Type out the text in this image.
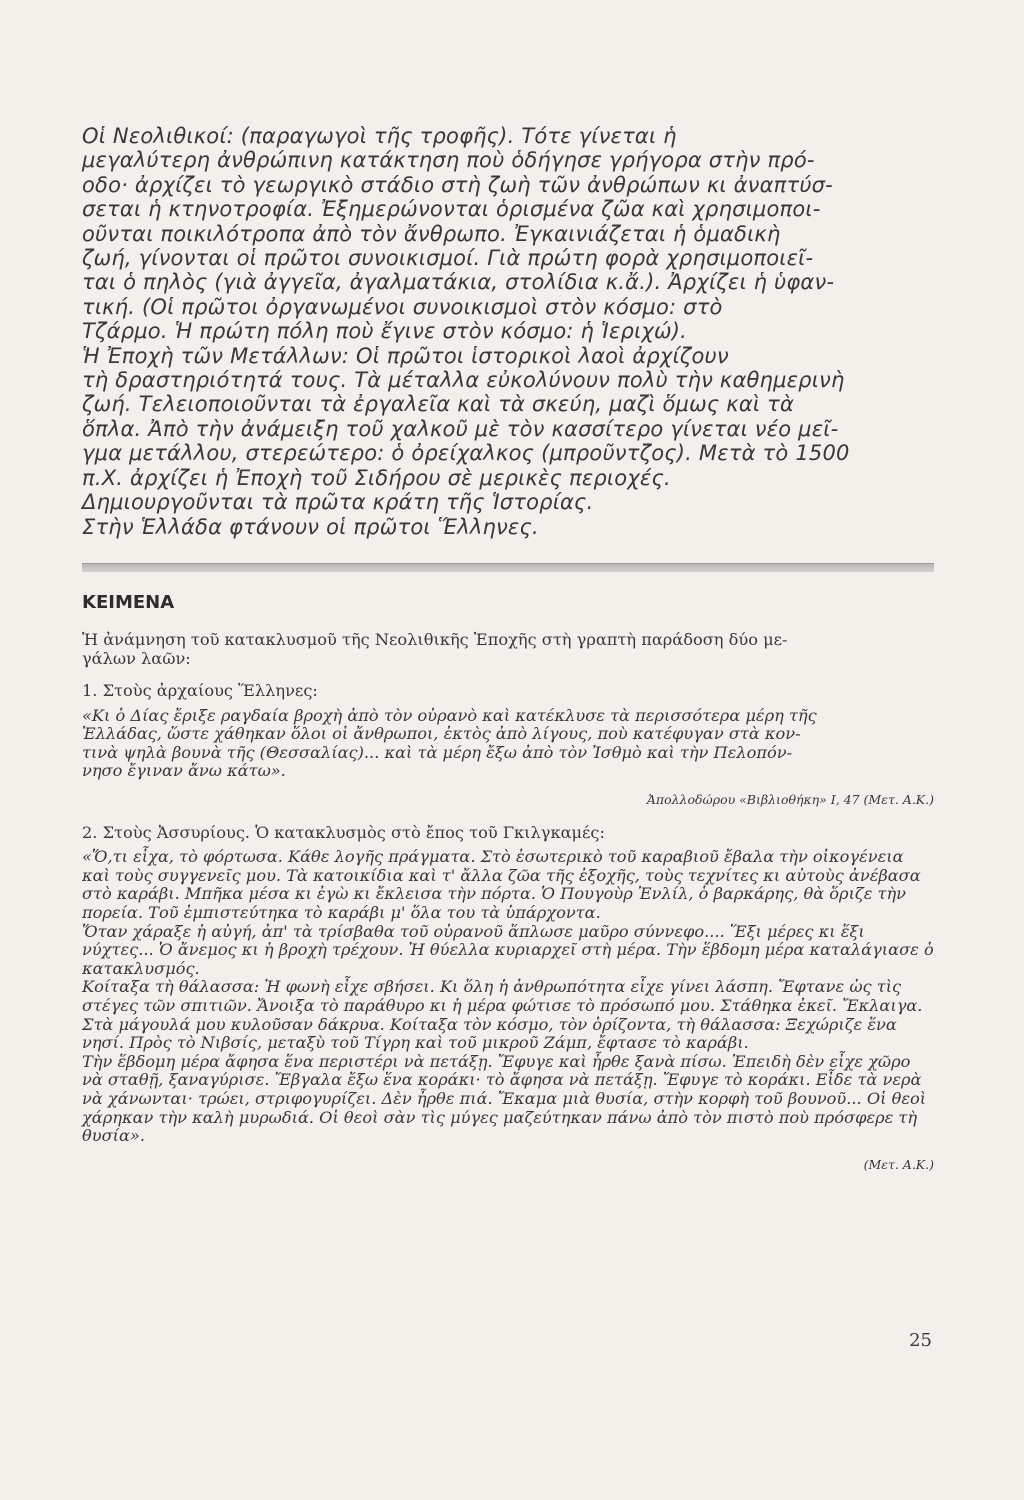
Οἱ Νεολιθικοί: (παραγωγοὶ τῆς τροφῆς). Τότε γίνεται ἡ

μεγαλύτερη ἀνθρώπινη κατάκτηση ποὺ ὁδήγησε γρήγορα στὴν πρό-

οδο· ἀρχίζει τὸ γεωργικὸ στάδιο στὴ ζωὴ τῶν ἀνθρώπων κι ἀναπτύσ-

σεται ἡ κτηνοτροφία. Ἐξημερώνονται ὁρισμένα ζῶα καὶ χρησιμοποι-

οῦνται ποικιλότροπα ἀπὸ τὸν ἄνθρωπο. Ἐγκαινιάζεται ἡ ὁμαδικὴ

ζωή, γίνονται οἱ πρῶτοι συνοικισμοί. Γιὰ πρώτη φορὰ χρησιμοποιεῖ-

ται ὁ πηλὸς (γιὰ ἀγγεῖα, ἀγαλματάκια, στολίδια κ.ἄ.). Ἀρχίζει ἡ ὑφαν-

τική. (Οἱ πρῶτοι ὀργανωμένοι συνοικισμοὶ στὸν κόσμο: στὸ

Τζάρμο. Ἡ πρώτη πόλη ποὺ ἔγινε στὸν κόσμο: ἡ Ἱεριχώ).

Ἡ Ἐποχὴ τῶν Μετάλλων: Οἱ πρῶτοι ἱστορικοὶ λαοὶ ἀρχίζουν

τὴ δραστηριότητά τους. Τὰ μέταλλα εὐκολύνουν πολὺ τὴν καθημερινὴ

ζωή. Τελειοποιοῦνται τὰ ἐργαλεῖα καὶ τὰ σκεύη, μαζὶ ὅμως καὶ τὰ

ὅπλα. Ἀπὸ τὴν ἀνάμειξη τοῦ χαλκοῦ μὲ τὸν κασσίτερο γίνεται νέο μεῖ-

γμα μετάλλου, στερεώτερο: ὁ ὀρείχαλκος (μπροῦντζος). Μετὰ τὸ 1500

π.Χ. ἀρχίζει ἡ Ἐποχὴ τοῦ Σιδήρου σὲ μερικὲς περιοχές.

Δημιουργοῦνται τὰ πρῶτα κράτη τῆς Ἱστορίας.

Στὴν Ἑλλάδα φτάνουν οἱ πρῶτοι Ἕλληνες.

ΚΕΙΜΕΝΑ

Ἡ ἀνάμνηση τοῦ κατακλυσμοῦ τῆς Νεολιθικῆς Ἐποχῆς στὴ γραπτὴ παράδοση δύο με-

γάλων λαῶν:

1. Στοὺς ἀρχαίους Ἕλληνες:

«Κι ὁ Δίας ἔριξε ραγδαία βροχὴ ἀπὸ τὸν οὐρανὸ καὶ κατέκλυσε τὰ περισσότερα μέρη τῆς

Ἑλλάδας, ὥστε χάθηκαν ὅλοι οἱ ἄνθρωποι, ἐκτὸς ἀπὸ λίγους, ποὺ κατέφυγαν στὰ κον-

τινὰ ψηλὰ βουνὰ τῆς (Θεσσαλίας)... καὶ τὰ μέρη ἔξω ἀπὸ τὸν Ἰσθμὸ καὶ τὴν Πελοπόν-

νησο ἔγιναν ἄνω κάτω».

Ἀπολλοδώρου «Βιβλιοθήκη» Ι, 47 (Μετ. Α.Κ.)

2. Στοὺς Ἀσσυρίους. Ὁ κατακλυσμὸς στὸ ἔπος τοῦ Γκιλγκαμές:

«Ὅ,τι εἶχα, τὸ φόρτωσα. Κάθε λογῆς πράγματα. Στὸ ἐσωτερικὸ τοῦ καραβιοῦ ἔβαλα τὴν οἰκογένεια καὶ τοὺς συγγενεῖς μου. Τὰ κατοικίδια καὶ τ' ἄλλα ζῶα τῆς ἐξοχῆς, τοὺς τεχνίτες κι αὐτοὺς ἀνέβασα στὸ καράβι. Μπῆκα μέσα κι ἐγὼ κι ἔκλεισα τὴν πόρτα. Ὁ Πουγοὺρ Ἐνλίλ, ὁ βαρκάρης, θὰ ὅριζε τὴν πορεία. Τοῦ ἐμπιστεύτηκα τὸ καράβι μ' ὅλα του τὰ ὑπάρχοντα.

Ὅταν χάραξε ἡ αὐγή, ἀπ' τὰ τρίσβαθα τοῦ οὐρανοῦ ἅπλωσε μαῦρο σύννεφο.... Ἕξι μέρες κι ἕξι νύχτες... Ὁ ἄνεμος κι ἡ βροχὴ τρέχουν. Ἡ θύελλα κυριαρχεῖ στὴ μέρα. Τὴν ἕβδομη μέρα καταλάγιασε ὁ κατακλυσμός.

Κοίταξα τὴ θάλασσα: Ἡ φωνὴ εἶχε σβήσει. Κι ὅλη ἡ ἀνθρωπότητα εἶχε γίνει λάσπη. Ἔφτανε ὡς τὶς στέγες τῶν σπιτιῶν. Ἄνοιξα τὸ παράθυρο κι ἡ μέρα φώτισε τὸ πρόσωπό μου. Στάθηκα ἐκεῖ. Ἔκλαιγα. Στὰ μάγουλά μου κυλοῦσαν δάκρυα. Κοίταξα τὸν κόσμο, τὸν ὁρίζοντα, τὴ θάλασσα: Ξεχώριζε ἕνα νησί. Πρὸς τὸ Νιβσίς, μεταξὺ τοῦ Τίγρη καὶ τοῦ μικροῦ Ζάμπ, ἔφτασε τὸ καράβι.

Τὴν ἕβδομη μέρα ἄφησα ἕνα περιστέρι νὰ πετάξῃ. Ἔφυγε καὶ ἦρθε ξανὰ πίσω. Ἐπειδὴ δὲν εἶχε χῶρο νὰ σταθῇ, ξαναγύρισε. Ἔβγαλα ἔξω ἕνα κοράκι· τὸ ἄφησα νὰ πετάξῃ. Ἔφυγε τὸ κοράκι. Εἶδε τὰ νερὰ νὰ χάνωνται· τρώει, στριφογυρίζει. Δὲν ἦρθε πιά. Ἔκαμα μιὰ θυσία, στὴν κορφὴ τοῦ βουνοῦ... Οἱ θεοὶ χάρηκαν τὴν καλὴ μυρωδιά. Οἱ θεοὶ σὰν τὶς μύγες μαζεύτηκαν πάνω ἀπὸ τὸν πιστὸ ποὺ πρόσφερε τὴ θυσία».

(Μετ. Α.Κ.)

25
